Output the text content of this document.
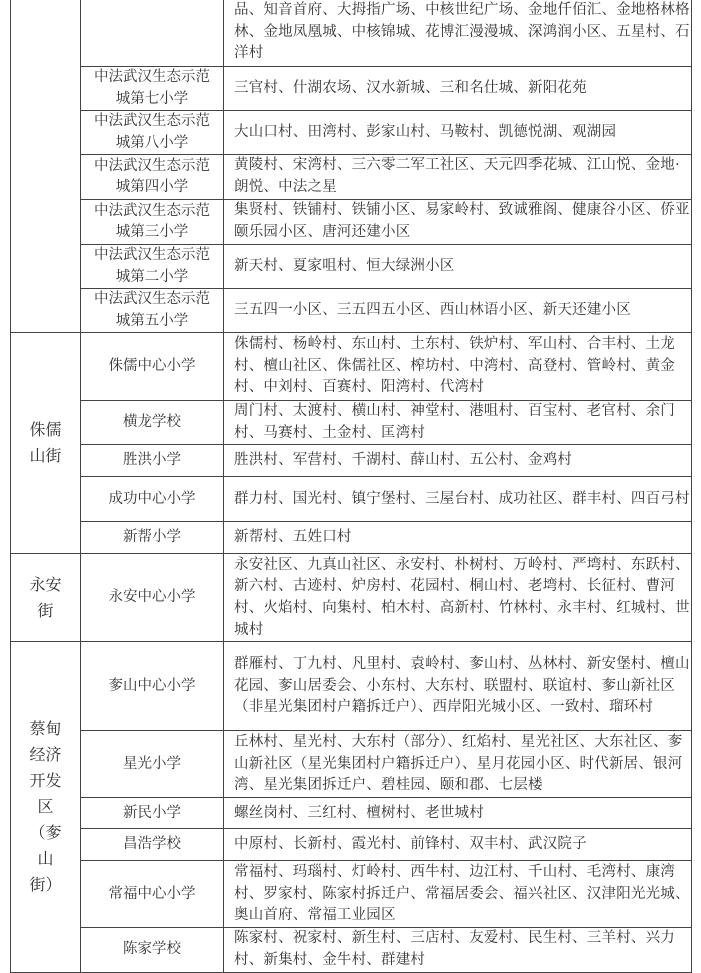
		品、知音首府、大拇指广场、中核世纪广场、金地仟佰汇、金地格林格林、金地凤凰城、中核锦城、花博汇漫漫城、深鸿润小区、五星村、石洋村
	中法武汉生态示范城第七小学	三官村、什湖农场、汉水新城、三和名仕城、新阳花苑
	中法武汉生态示范城第八小学	大山口村、田湾村、彭家山村、马鞍村、凯德悦湖、观湖园
	中法武汉生态示范城第四小学	黄陵村、宋湾村、三六零二军工社区、天元四季花城、江山悦、金地·朗悦、中法之星
	中法武汉生态示范城第三小学	集贤村、铁铺村、铁铺小区、易家岭村、致诚雅阁、健康谷小区、侨亚颐乐园小区、唐河还建小区
	中法武汉生态示范城第二小学	新天村、夏家咀村、恒大绿洲小区
	中法武汉生态示范城第五小学	三五四一小区、三五四五小区、西山林语小区、新天还建小区
侏儒山街	侏儒中心小学	侏儒村、杨岭村、东山村、土东村、铁炉村、军山村、合丰村、土龙村、檀山社区、侏儒社区、榨坊村、中湾村、高登村、管岭村、黄金村、中刘村、百赛村、阳湾村、代湾村
	横龙学校	周门村、太渡村、横山村、神堂村、港咀村、百宝村、老官村、余门村、马赛村、土金村、匡湾村
	胜洪小学	胜洪村、军营村、千湖村、薛山村、五公村、金鸡村
	成功中心小学	群力村、国光村、镇宁堡村、三屋台村、成功社区、群丰村、四百弓村
	新帮小学	新帮村、五姓口村
永安街	永安中心小学	永安社区、九真山社区、永安村、朴树村、万岭村、严塆村、东跃村、新六村、古迹村、炉房村、花园村、桐山村、老塆村、长征村、曹河村、火焰村、向集村、柏木村、高新村、竹林村、永丰村、红城村、世城村
蔡甸经济开发区（奓山街）	奓山中心小学	群雁村、丁九村、凡里村、袁岭村、奓山村、丛林村、新安堡村、檀山花园、奓山居委会、小东村、大东村、联盟村、联谊村、奓山新社区（非星光集团村户籍拆迁户）、西岸阳光城小区、一致村、瑠环村
	星光小学	丘林村、星光村、大东村（部分）、红焰村、星光社区、大东社区、奓山新社区（星光集团村户籍拆迁户）、星月花园小区、时代新居、银河湾、星光集团拆迁户、碧桂园、颐和郡、七层楼
	新民小学	螺丝岗村、三红村、檀树村、老世城村
	昌浩学校	中原村、长新村、霞光村、前锋村、双丰村、武汉院子
	常福中心小学	常福村、玛瑙村、灯岭村、西牛村、边江村、千山村、毛湾村、康湾村、罗家村、陈家村拆迁户、常福居委会、福兴社区、汉津阳光光城、奥山首府、常福工业园区
	陈家学校	陈家村、祝家村、新生村、三店村、友爱村、民生村、三羊村、兴力村、新集村、金牛村、群建村
